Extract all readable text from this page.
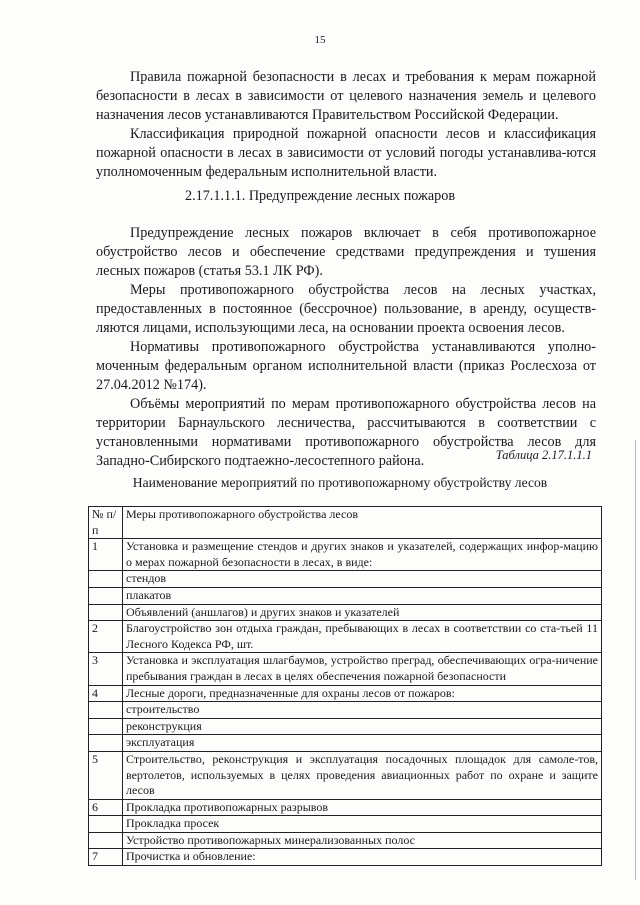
15

Правила пожарной безопасности в лесах и требования к мерам пожарной безопасности в лесах в зависимости от целевого назначения земель и целевого назначения лесов устанавливаются Правительством Российской Федерации.

Классификация природной пожарной опасности лесов и классификация пожарной опасности в лесах в зависимости от условий погоды устанавлива-ются уполномоченным федеральным исполнительной власти.

2.17.1.1.1. Предупреждение лесных пожаров

Предупреждение лесных пожаров включает в себя противопожарное обустройство лесов и обеспечение средствами предупреждения и тушения лесных пожаров (статья 53.1 ЛК РФ).

Меры противопожарного обустройства лесов на лесных участках, предоставленных в постоянное (бессрочное) пользование, в аренду, осуществ-ляются лицами, использующими леса, на основании проекта освоения лесов.

Нормативы противопожарного обустройства устанавливаются уполно-моченным федеральным органом исполнительной власти (приказ Рослесхоза от 27.04.2012 №174).

Объёмы мероприятий по мерам противопожарного обустройства лесов на территории Барнаульского лесничества, рассчитываются в соответствии с установленными нормативами противопожарного обустройства лесов для Западно-Сибирского подтаежно-лесостепного района.	Таблица 2.17.1.1.1
Наименование мероприятий по противопожарному обустройству лесов
№ п/п	Меры противопожарного обустройства лесов
1	Установка и размещение стендов и других знаков и указателей, содержащих инфор-мацию о мерах пожарной безопасности в лесах, в виде:
	стендов
	плакатов
	Объявлений (аншлагов) и других знаков и указателей
2	Благоустройство зон отдыха граждан, пребывающих в лесах в соответствии со ста-тьей 11 Лесного Кодекса РФ, шт.
3	Установка и эксплуатация шлагбаумов, устройство преград, обеспечивающих огра-ничение пребывания граждан в лесах в целях обеспечения пожарной безопасности
4	Лесные дороги, предназначенные для охраны лесов от пожаров:
	строительство
	реконструкция
	эксплуатация
5	Строительство, реконструкция и эксплуатация посадочных площадок для самоле-тов, вертолетов, используемых в целях проведения авиационных работ по охране и защите лесов
6	Прокладка противопожарных разрывов
	Прокладка просек
	Устройство противопожарных минерализованных полос
7	Прочистка и обновление:
